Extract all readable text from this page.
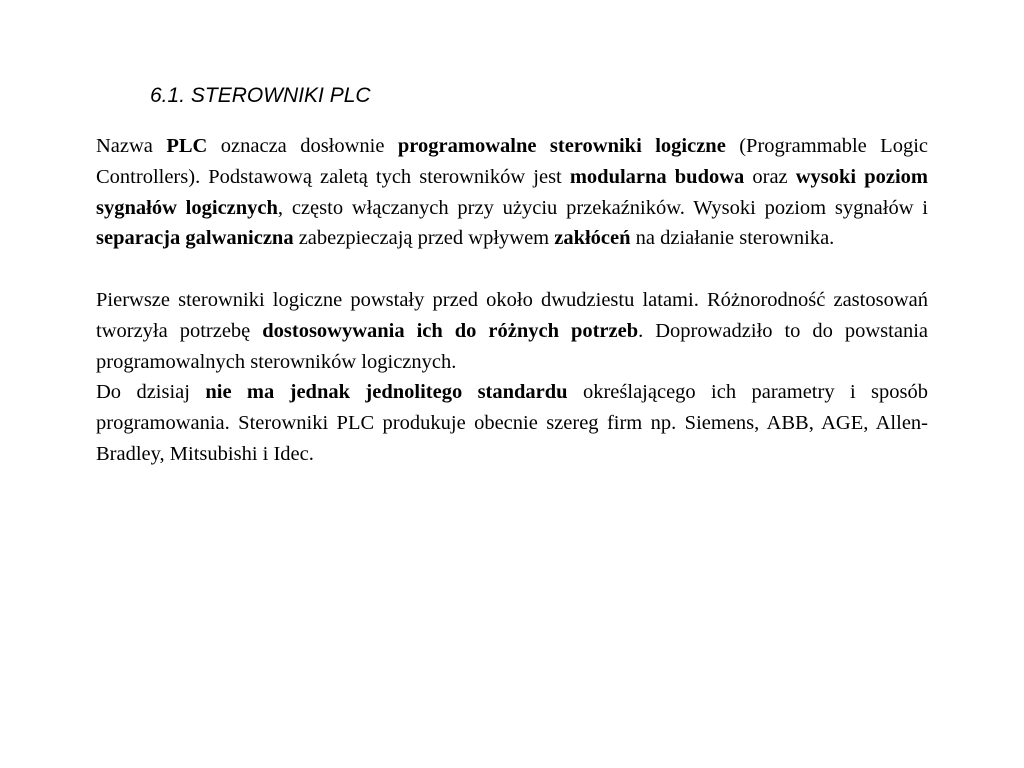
6.1. STEROWNIKI PLC

Nazwa PLC oznacza dosłownie programowalne sterowniki logiczne (Programmable Logic Controllers). Podstawową zaletą tych sterowników jest modularna budowa oraz wysoki poziom sygnałów logicznych, często włączanych przy użyciu przekaźników. Wysoki poziom sygnałów i separacja galwaniczna zabezpieczają przed wpływem zakłóceń na działanie sterownika.

Pierwsze sterowniki logiczne powstały przed około dwudziestu latami. Różnorodność zastosowań tworzyła potrzebę dostosowywania ich do różnych potrzeb. Doprowadziło to do powstania programowalnych sterowników logicznych.

Do dzisiaj nie ma jednak jednolitego standardu określającego ich parametry i sposób programowania. Sterowniki PLC produkuje obecnie szereg firm np. Siemens, ABB, AGE, Allen-Bradley, Mitsubishi i Idec.
